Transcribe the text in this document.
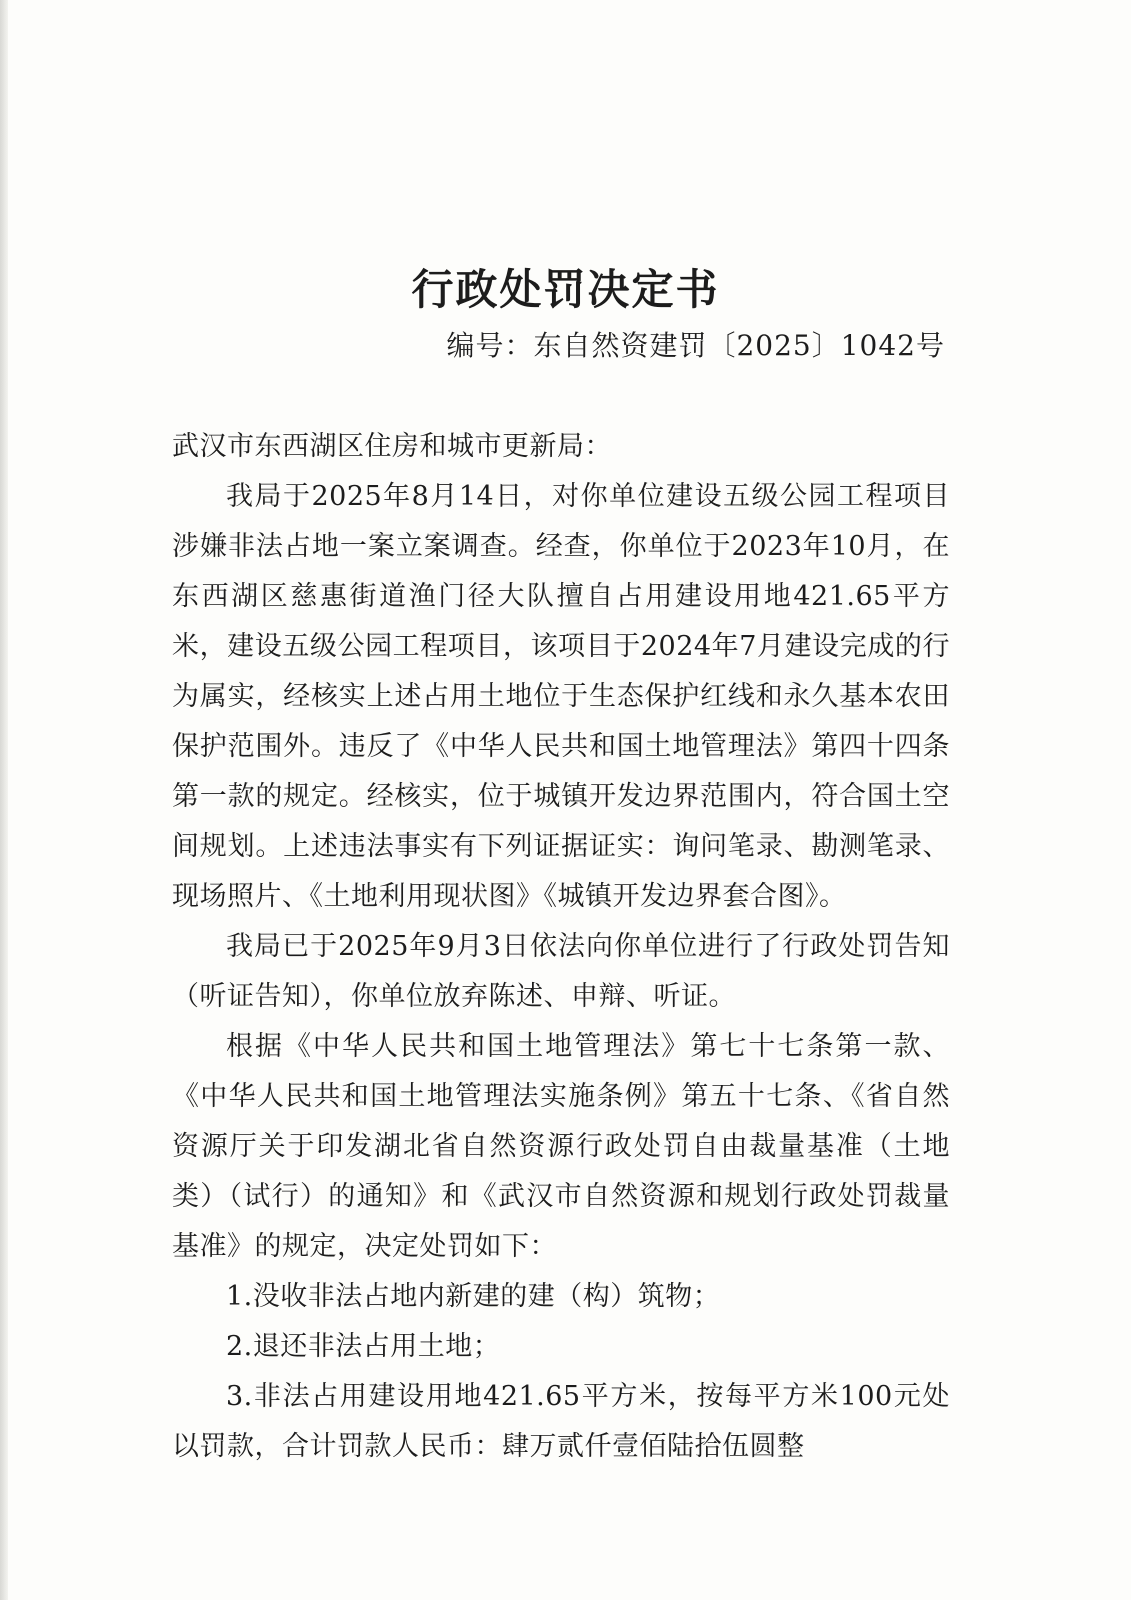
行政处罚决定书
编号：东自然资建罚〔2025〕1042号

武汉市东西湖区住房和城市更新局：

我局于2025年8月14日，对你单位建设五级公园工程项目涉嫌非法占地一案立案调查。经查，你单位于2023年10月，在东西湖区慈惠街道渔门径大队擅自占用建设用地421.65平方米，建设五级公园工程项目，该项目于2024年7月建设完成的行为属实，经核实上述占用土地位于生态保护红线和永久基本农田保护范围外。违反了《中华人民共和国土地管理法》第四十四条第一款的规定。经核实，位于城镇开发边界范围内，符合国土空间规划。上述违法事实有下列证据证实：询问笔录、勘测笔录、现场照片、《土地利用现状图》《城镇开发边界套合图》。

我局已于2025年9月3日依法向你单位进行了行政处罚告知（听证告知），你单位放弃陈述、申辩、听证。

根据《中华人民共和国土地管理法》第七十七条第一款、《中华人民共和国土地管理法实施条例》第五十七条、《省自然资源厅关于印发湖北省自然资源行政处罚自由裁量基准（土地类）（试行）的通知》和《武汉市自然资源和规划行政处罚裁量基准》的规定，决定处罚如下：

1.没收非法占地内新建的建（构）筑物；

2.退还非法占用土地；

3.非法占用建设用地421.65平方米，按每平方米100元处以罚款，合计罚款人民币：肆万贰仟壹佰陆拾伍圆整
